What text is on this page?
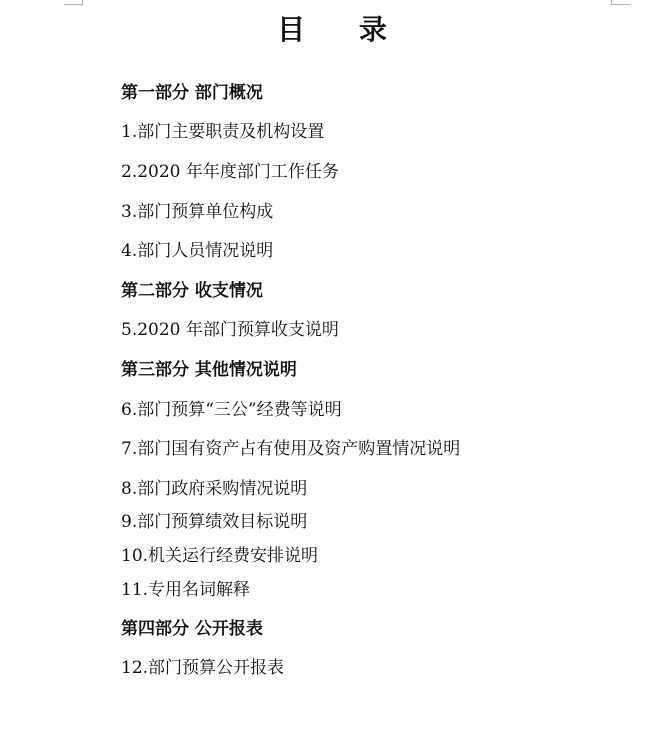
目 录
第一部分 部门概况
1.部门主要职责及机构设置
2.2020 年年度部门工作任务
3.部门预算单位构成
4.部门人员情况说明
第二部分 收支情况
5.2020 年部门预算收支说明
第三部分 其他情况说明
6.部门预算“三公”经费等说明
7.部门国有资产占有使用及资产购置情况说明
8.部门政府采购情况说明
9.部门预算绩效目标说明
10.机关运行经费安排说明
11.专用名词解释
第四部分 公开报表
12.部门预算公开报表
